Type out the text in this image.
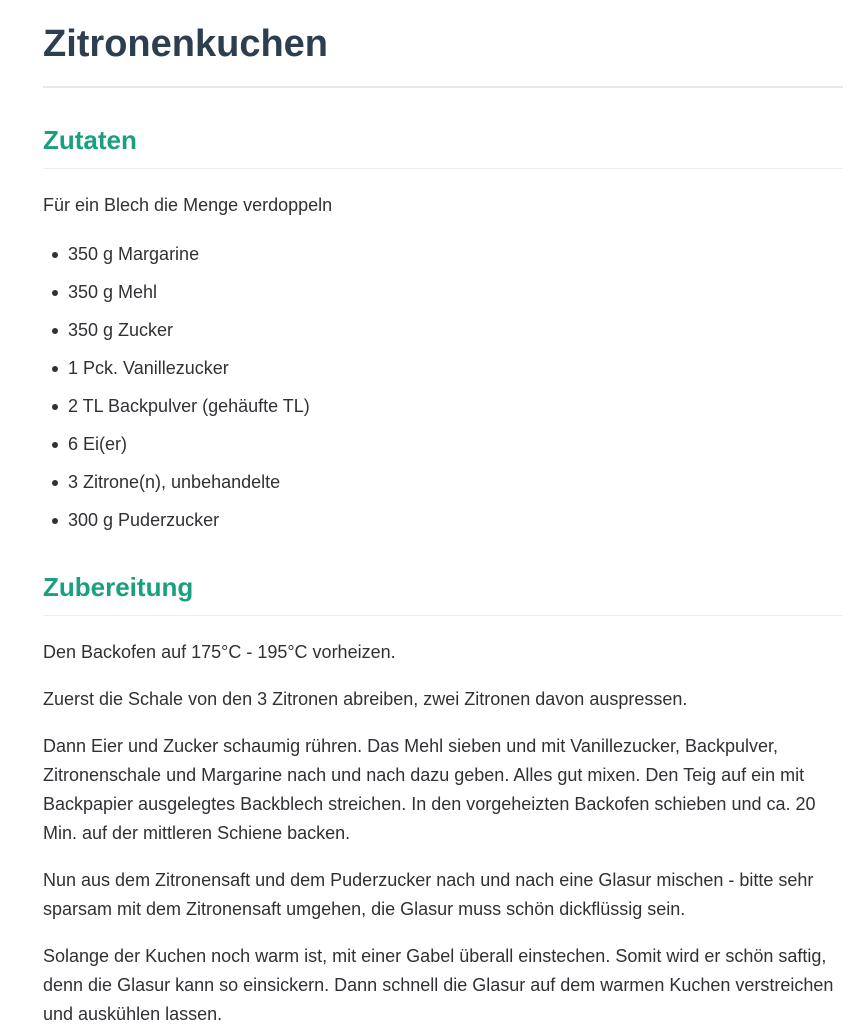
Zitronenkuchen
Zutaten

Für ein Blech die Menge verdoppeln

350 g Margarine
350 g Mehl
350 g Zucker
1 Pck. Vanillezucker
2 TL Backpulver (gehäufte TL)
6 Ei(er)
3 Zitrone(n), unbehandelte
300 g Puderzucker
Zubereitung

Den Backofen auf 175°C - 195°C vorheizen.

Zuerst die Schale von den 3 Zitronen abreiben, zwei Zitronen davon auspressen.

Dann Eier und Zucker schaumig rühren. Das Mehl sieben und mit Vanillezucker, Backpulver, Zitronenschale und Margarine nach und nach dazu geben. Alles gut mixen. Den Teig auf ein mit Backpapier ausgelegtes Backblech streichen. In den vorgeheizten Backofen schieben und ca. 20 Min. auf der mittleren Schiene backen.

Nun aus dem Zitronensaft und dem Puderzucker nach und nach eine Glasur mischen - bitte sehr sparsam mit dem Zitronensaft umgehen, die Glasur muss schön dickflüssig sein.

Solange der Kuchen noch warm ist, mit einer Gabel überall einstechen. Somit wird er schön saftig, denn die Glasur kann so einsickern. Dann schnell die Glasur auf dem warmen Kuchen verstreichen und auskühlen lassen.
